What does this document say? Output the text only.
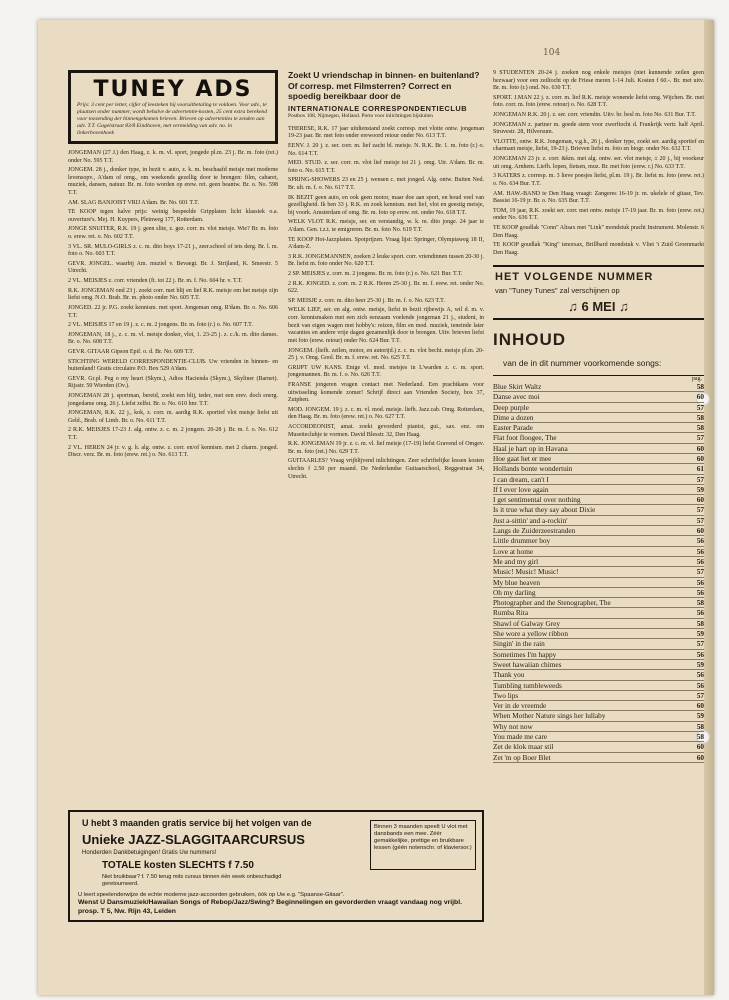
104
TUNEY ADS
Prijs: 3 cent per letter, cijfer of leesteken bij vooruitbetaling te voldoen. Voor adv., te plaatsen onder nummer, wordt behalve de advertentie-kosten, 25 cent extra berekend voor toezending der binnengekomen brieven. Brieven op advertenties te zenden aan adv. T.T. Gagelstraat 83/8 Eindhoven, met vermelding van adv. no. in linkerbovenhoek
JONGEMAN (27 J.) den Haag, z. k. m. vl. sport, jongede pl.m. 23 j. Br. m. foto (ret.) onder No. 595 T.T.
JONGEM. 28 j., donker type, in bezit v. auto, z. k. m. beschaafd meisje met moderne levensopv., A'dam of omg., om weekends gezellig door te brengen: film, cabaret, muziek, dansen, natuur. Br. m. foto worden op erew. ret. geen beantw. Br. o. No. 598 T.T.
AM. SLAG BANJOIST VRIJ A'dam. Br. No. 601 T.T.
TE KOOP tegen halve prijs: weinig bespeelde Gripplaten licht klassiek o.a. ouverture's. Mej. H. Kuypers, Pleinweg 177, Rotterdam.
JONGE SNUITER, R.K. 19 j. geen slite, z. gez. corr. m. vlot meisje. Wie? Br. m. foto o. erew. ret. o. No. 602 T.T.
3 VL. SR. MULO-GIRLS z. c. m. dito boys 17-21 j., zeer.school of iets derg. Br. l. m. foto o. No. 603 T.T.
GEVR. JONGEL. waarbij Am. muziel v. Bevaegt. Br. J. Strijland, K. Smeestr. 5 Utrecht.
2 VL. MEISJES z. corr. vrienden (ft. tot 22 j. Br. m. f. No. 604 hr. v. T.T.
R.K. JONGEMAN ond 23 j. zoekt corr. met blij en lief R.K. meisje om het meisje zijn liefst omg. N.O. Brab. Br. m. photo onder No. 605 T.T.
JONGED. 22 jr. P.G. zoekt kennism. met sport. Jongeman omg. R'dam. Br. o. No. 606 T.T.
2 VL. MEISJES 17 en 19 j. z. c. m. 2 jongens. Br. m. foto (r.) o. No. 607 T.T.
JONGEMAN, 18 j., z. c. m. vl. meisje donker, vlot, 1. 23-25 j. z. c./k. m. dito dames. Br. o. No. 608 T.T.
GEVR. GITAAR Gipson Epif. o. d. Br. No. 609 T.T.
STICHTING WERELD CORRESPONDENTIE-CLUB. Uw vrienden in binnen- en buitenland! Gratis circulaire P.O. Box 529 A'dam.
GEVR. Gr.pl. Peg o my heart (Skym.), Adios Hacienda (Skym.), Skyliner (Barnet). Rijsstr. 50 Wierden (Ov.).
JONGEMAN 28 j. sportman, bereid, zoekt een blij, teder, met een erev. doch energ. jongedame omg. 26 j. Liefst zelfst. Br. o. No. 610 hnr. T.T.
JONGEMAN, R.K. 22 j., kok, z. corr. m. aardig R.K. sportief vlot meisje liefst uit Geld., Brab. of Limb. Br. o. No. 611 T.T.
2 R.K. MEISJES 17-23 J. alg. ontw. z. c. m. 2 jongem. 20-28 j. Br. m. f. o. No. 612 T.T.
2 VL. HEREN 24 jr. v. g. h. alg. ontw. z. corr. en/of kennism. met 2 charm. jonged. Discr. verz. Br. m. foto (erew. ret.) o. No. 613 T.T.
Zoekt U vriendschap in binnen- en buitenland? Of corresp. met Filmsterren? Correct en spoedig bereikbaar door de
INTERNATIONALE CORRESPONDENTIECLUB
Postbox 108, Nijmegen, Holland. Porto voor inlichtingen bijsluiten
THERESE, R.K. 17 jaar uitdienstand zoekt corresp. met vlotte ontw. jongeman 19-23 jaar. Br. met foto onder erewoord retour onder No. 613 T.T.
EENV. J. 20 j. z. ser. corr. m. lief zacht bl. meisje. N. R.K. Br. 1. m. foto (r.) o. No. 614 T.T.
MED. STUD. z. ser. corr. m. vlot lief meisje tot 21 j. omg. Utr. A'dam. Br. m. foto o. No. 615 T.T.
SPRING-SHOWERS 23 en 25 j. wensen c. met jonged. Alg. ontw. Buiten Ned. Br. ult. m. f. o. No. 617 T.T.
IK BEZIT geen auto, en ook geen motor, maar doe aan sport, en houd veel van gezelligheid. Ik ben 33 j. R.K. en zoek kennism. met lief, vlot en geestig meisje, bij voork. Amsterdam of omg. Br. m. foto op erew. ret. onder No. 618 T.T.
WELK VLOT R.K. meisje, ser. en verstandig, w. k. m. dito jonge. 24 jaar te A'dam. Gen. t.z.t. te emigreren. Br. m. foto No. 619 T.T.
TE KOOP Hot-Jazzplaten. Spotprijzen. Vraag lijst: Springer, Olympiaweg 18 II, A'dam-Z.
3 R.K. JONGEMANNEN, zoeken 2 leuke sport. corr. vriendinnen tussen 20-30 j. Br. liefst m. foto onder No. 620 T.T.
2 SP. MEISJES z. corr. m. 2 jongens. Br. m. foto (r.) o. No. 621 Bur. T.T.
2 R.K. JONGED. z. corr. m. 2 R.K. Heren 25-30 j. Br. m. f. erew. ret. onder No. 622.
SP. MEISJE z. corr. m. dito heer 25-30 j. Br. m. f. o. No. 623 T.T.
WELK LIEF, ser. en alg. ontw. meisje, liefst in bezit rijbewijs A, wil d. m. v. corr. kennismaken met een zich eenzaam voelende jongeman 21 j., student, in bezit van eigen wagen met hobby's: reizen, film en mod. muziek, teneinde later vacanties en andere vrije dagen gezamenlijk door te brengen. Uitv. brieven liefst met foto (erew. retour) onder No. 624 Bur. T.T.
JONGEM. (liefh. zeilen, motor, en autorijd.) z. c. m. vlot becht. meisje pl.m. 20-25 j. v. Omg. Gool. Br. m. f. erew. ret. No. 625 T.T.
GRIJPT UW KANS. Enige vl. mod. meisjes in L'warden z. c. m. sport. jongemannen. Br. m. f. o. No. 626 T.T.
FRANSE jongeren vragen contact met Nederland. Een prachtkans voor uitwisseling komende zomer! Schrijf direct aan Vrienden Society, box 37, Zutphen.
MOD. JONGEM. 19 j. z. c. m. vl. mod. meisje. liefh. Jazz.cab. Omg. Rotterdam, den Haag. Br. m. foto (erew. ret.) o. No. 627 T.T.
ACCORDEONIST, amat. zoekt gevorderd pianist, gui., sax. enz. om Musettecluhje te vormen. David Blesstr. 32, Den Haag.
R.K. JONGEMAN 19 jr. z. c. m. vl. lief meisje (17-19) liefst Gravend of Omgev. Br. m. foto (ret.) No. 629 T.T.
GUITAARLES? Vraag vrijblijvend inlichtingen. Zeer schriftelijke lessen kosten slechts f 2.50 per maand. De Nederlandse Guitaarschool, Reggestraat 34, Utrecht.
9 STUDENTEN 20-24 j. zoeken nog enkele meisjes (niet kunnende zeilen geen bezwaar) voor een zeiltocht op de Friese meren 1-14 Juli. Kosten f 60.-. Br. met uitv. Br. m. foto (r.) ond. No. 630 T.T.
SPORT. J.MAN 22 j. z. corr. m. lief R.K. meisje wonende liefst omg. Wijchen. Br. met foto. corr. m. foto (erew. retour) o. No. 628 T.T.
JONGEMAN R.K. 20 j. z. ser. corr. vriendin. Uitv. br. besl m. foto No. 631 Bur. T.T.
JONGEMAN z. partner m. goede stem voor zwerftocht d. Frankrijk vertr. half April. Struvestr. 28, Hilversum.
VLOTTE, ontw. R.K. Jongeman, v.g.h., 26 j., donker type, zoekt ser. aardig sportief en charmant meisje, liefst, 19-23 j. Brieven liefst m. foto en biogr. onder No. 632 T.T.
JONGEMAN 23 jr. z. corr. &km. met alg. ontw. ser. vlot meisje, ± 20 j., bij voorkeur uit omg. Arnhem. Liefh. lopen, fietsen, muz. Br. met foto (erew. r.) No. 633 T.T.
3 KATERS z. corresp. m. 3 lieve poesjes liefst, pl.m. 19 j. Br. liefst m. foto (erew. ret.) o. No. 634 Bur. T.T.
AM. HAW.-BAND te Den Haag vraagt: Zangeres 16-19 jr. m. ukelele of gitaar, Tev. Bassist 16-19 jr. Br. o. No. 635 Bur. T.T.
TOM, 19 jaar, R.K. zoekt ser. corr. met ontw. meisje 17-19 jaar. Br. m. foto (erew. ret.) onder No. 636 T.T.
TE KOOP goudlak "Conn" Altsax met "Link" mondstuk pracht Instrument. Molenstr. 6 Den Haag.
TE KOOP goudlak "King" tenorsax, Brillbard mondstuk v. Vliet 't Zuid Groenmarkt Den Haag.
HET VOLGENDE NUMMER
van "Tuney Tunes" zal verschijnen op
♫ 6 MEI ♫
INHOUD van de in dit nummer voorkomende songs:
pag.
Blue Skirt Waltz	58
Danse avec moi	60
Deep purple	57
Dime a dozen	58
Easter Parade	58
Flat foot floogee, The	57
Haal je hart op in Havana	60
Hoe gaat het er mee	60
Hollands bonte wondertuin	61
I can dream, can't I	57
If I ever love again	59
I get sentimental over nothing	60
Is it true what they say about Dixie	57
Just a-sittin' and a-rockin'	57
Langs de Zuiderzeestranden	60
Little drummer boy	56
Love at home	56
Me and my girl	56
Music! Music! Music!	57
My blue heaven	56
Oh my darling	56
Photographer and the Stenographer, The	58
Rumba Rita	56
Shawl of Galway Grey	58
She wore a yellow ribbon	59
Singin' in the rain	57
Sometimes I'm happy	56
Sweet hawaiian chimes	59
Thank you	56
Tumbling tumbleweeds	56
Two lips	57
Ver in de vreemde	60
When Mother Nature sings her lullaby	59
Why not now	58
You made me care	58
Zet de klok maar stil	60
Zet 'm op Boer Blet	60
U hebt 3 maanden gratis service bij het volgen van de
Unieke JAZZ-SLAGGITAARCURSUS
Honderden Dankbetuigingen! Gratis Uw nummers!
TOTALE kosten SLECHTS f 7.50
Niet bruikbaar? f. 7.50 terug mits cursus binnen één week onbeschadigd geretourneerd.
Binnen 3 maanden speelt U vlot met dansbands een mee. Zéér gemakkelijke, prettige en bruikbare lessen (géén notenschr. of klaviersor.)
U leert speelenderwijze de echte moderne jazz-accoorden gebruiken, óók op Uw e.g. "Spaanse-Gitaar".
Wenst U Dansmuziek/Hawaiian Songs of Rebop/Jazz/Swing? Beginnelingen en gevorderden vraagt vandaag nog vrijbl. prosp. T 5, Nw. Rijn 43, Leiden
